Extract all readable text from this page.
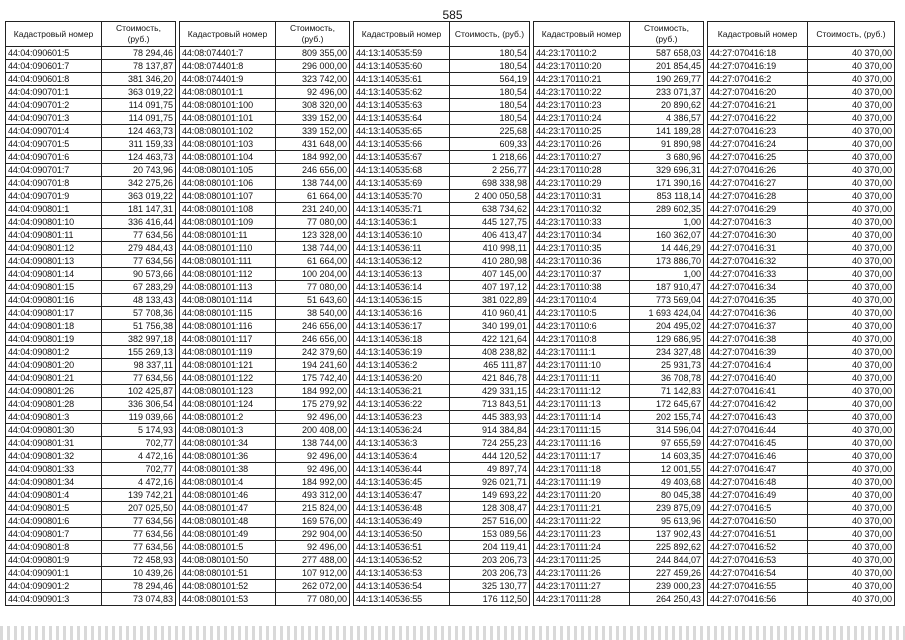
585
Кадастровый номер	Стоимость, (руб.)
44:04:090601:5	78 294,46
44:04:090601:7	78 137,87
44:04:090601:8	381 346,20
44:04:090701:1	363 019,22
44:04:090701:2	114 091,75
44:04:090701:3	114 091,75
44:04:090701:4	124 463,73
44:04:090701:5	311 159,33
44:04:090701:6	124 463,73
44:04:090701:7	20 743,96
44:04:090701:8	342 275,26
44:04:090701:9	363 019,22
44:04:090801:1	181 147,31
44:04:090801:10	336 416,44
44:04:090801:11	77 634,56
44:04:090801:12	279 484,43
44:04:090801:13	77 634,56
44:04:090801:14	90 573,66
44:04:090801:15	67 283,29
44:04:090801:16	48 133,43
44:04:090801:17	57 708,36
44:04:090801:18	51 756,38
44:04:090801:19	382 997,18
44:04:090801:2	155 269,13
44:04:090801:20	98 337,11
44:04:090801:21	77 634,56
44:04:090801:26	102 425,87
44:04:090801:28	336 306,54
44:04:090801:3	119 039,66
44:04:090801:30	5 174,93
44:04:090801:31	702,77
44:04:090801:32	4 472,16
44:04:090801:33	702,77
44:04:090801:34	4 472,16
44:04:090801:4	139 742,21
44:04:090801:5	207 025,50
44:04:090801:6	77 634,56
44:04:090801:7	77 634,56
44:04:090801:8	77 634,56
44:04:090801:9	72 458,93
44:04:090901:1	10 439,26
44:04:090901:2	78 294,46
44:04:090901:3	73 074,83
Кадастровый номер	Стоимость, (руб.)
44:08:074401:7	809 355,00
44:08:074401:8	296 000,00
44:08:074401:9	323 742,00
44:08:080101:1	92 496,00
44:08:080101:100	308 320,00
44:08:080101:101	339 152,00
44:08:080101:102	339 152,00
44:08:080101:103	431 648,00
44:08:080101:104	184 992,00
44:08:080101:105	246 656,00
44:08:080101:106	138 744,00
44:08:080101:107	61 664,00
44:08:080101:108	231 240,00
44:08:080101:109	77 080,00
44:08:080101:11	123 328,00
44:08:080101:110	138 744,00
44:08:080101:111	61 664,00
44:08:080101:112	100 204,00
44:08:080101:113	77 080,00
44:08:080101:114	51 643,60
44:08:080101:115	38 540,00
44:08:080101:116	246 656,00
44:08:080101:117	246 656,00
44:08:080101:119	242 379,60
44:08:080101:121	194 241,60
44:08:080101:122	175 742,40
44:08:080101:123	184 992,00
44:08:080101:124	175 279,92
44:08:080101:2	92 496,00
44:08:080101:3	200 408,00
44:08:080101:34	138 744,00
44:08:080101:36	92 496,00
44:08:080101:38	92 496,00
44:08:080101:4	184 992,00
44:08:080101:46	493 312,00
44:08:080101:47	215 824,00
44:08:080101:48	169 576,00
44:08:080101:49	292 904,00
44:08:080101:5	92 496,00
44:08:080101:50	277 488,00
44:08:080101:51	107 912,00
44:08:080101:52	262 072,00
44:08:080101:53	77 080,00
Кадастровый номер	Стоимость, (руб.)
44:13:140535:59	180,54
44:13:140535:60	180,54
44:13:140535:61	564,19
44:13:140535:62	180,54
44:13:140535:63	180,54
44:13:140535:64	180,54
44:13:140535:65	225,68
44:13:140535:66	609,33
44:13:140535:67	1 218,66
44:13:140535:68	2 256,77
44:13:140535:69	698 338,98
44:13:140535:70	2 400 050,58
44:13:140535:71	638 734,62
44:13:140536:1	445 127,75
44:13:140536:10	406 413,47
44:13:140536:11	410 998,11
44:13:140536:12	410 280,98
44:13:140536:13	407 145,00
44:13:140536:14	407 197,12
44:13:140536:15	381 022,89
44:13:140536:16	410 960,41
44:13:140536:17	340 199,01
44:13:140536:18	422 121,64
44:13:140536:19	408 238,82
44:13:140536:2	465 111,87
44:13:140536:20	421 846,78
44:13:140536:21	429 331,15
44:13:140536:22	713 843,51
44:13:140536:23	445 383,93
44:13:140536:24	914 384,84
44:13:140536:3	724 255,23
44:13:140536:4	444 120,52
44:13:140536:44	49 897,74
44:13:140536:45	926 021,71
44:13:140536:47	149 693,22
44:13:140536:48	128 308,47
44:13:140536:49	257 516,00
44:13:140536:50	153 089,56
44:13:140536:51	204 119,41
44:13:140536:52	203 206,73
44:13:140536:53	203 206,73
44:13:140536:54	325 130,77
44:13:140536:55	176 112,50
Кадастровый номер	Стоимость, (руб.)
44:23:170110:2	587 658,03
44:23:170110:20	201 854,45
44:23:170110:21	190 269,77
44:23:170110:22	233 071,37
44:23:170110:23	20 890,62
44:23:170110:24	4 386,57
44:23:170110:25	141 189,28
44:23:170110:26	91 890,98
44:23:170110:27	3 680,96
44:23:170110:28	329 696,31
44:23:170110:29	171 390,16
44:23:170110:31	853 118,14
44:23:170110:32	289 602,35
44:23:170110:33	1,00
44:23:170110:34	160 362,07
44:23:170110:35	14 446,29
44:23:170110:36	173 886,70
44:23:170110:37	1,00
44:23:170110:38	187 910,47
44:23:170110:4	773 569,04
44:23:170110:5	1 693 424,04
44:23:170110:6	204 495,02
44:23:170110:8	129 686,95
44:23:170111:1	234 327,48
44:23:170111:10	25 931,73
44:23:170111:11	36 708,78
44:23:170111:12	71 142,83
44:23:170111:13	172 645,67
44:23:170111:14	202 155,74
44:23:170111:15	314 596,04
44:23:170111:16	97 655,59
44:23:170111:17	14 603,35
44:23:170111:18	12 001,55
44:23:170111:19	49 403,68
44:23:170111:20	80 045,38
44:23:170111:21	239 875,09
44:23:170111:22	95 613,96
44:23:170111:23	137 902,43
44:23:170111:24	225 892,62
44:23:170111:25	244 844,07
44:23:170111:26	227 459,26
44:23:170111:27	239 000,23
44:23:170111:28	264 250,43
Кадастровый номер	Стоимость, (руб.)
44:27:070416:18	40 370,00
44:27:070416:19	40 370,00
44:27:070416:2	40 370,00
44:27:070416:20	40 370,00
44:27:070416:21	40 370,00
44:27:070416:22	40 370,00
44:27:070416:23	40 370,00
44:27:070416:24	40 370,00
44:27:070416:25	40 370,00
44:27:070416:26	40 370,00
44:27:070416:27	40 370,00
44:27:070416:28	40 370,00
44:27:070416:29	40 370,00
44:27:070416:3	40 370,00
44:27:070416:30	40 370,00
44:27:070416:31	40 370,00
44:27:070416:32	40 370,00
44:27:070416:33	40 370,00
44:27:070416:34	40 370,00
44:27:070416:35	40 370,00
44:27:070416:36	40 370,00
44:27:070416:37	40 370,00
44:27:070416:38	40 370,00
44:27:070416:39	40 370,00
44:27:070416:4	40 370,00
44:27:070416:40	40 370,00
44:27:070416:41	40 370,00
44:27:070416:42	40 370,00
44:27:070416:43	40 370,00
44:27:070416:44	40 370,00
44:27:070416:45	40 370,00
44:27:070416:46	40 370,00
44:27:070416:47	40 370,00
44:27:070416:48	40 370,00
44:27:070416:49	40 370,00
44:27:070416:5	40 370,00
44:27:070416:50	40 370,00
44:27:070416:51	40 370,00
44:27:070416:52	40 370,00
44:27:070416:53	40 370,00
44:27:070416:54	40 370,00
44:27:070416:55	40 370,00
44:27:070416:56	40 370,00
